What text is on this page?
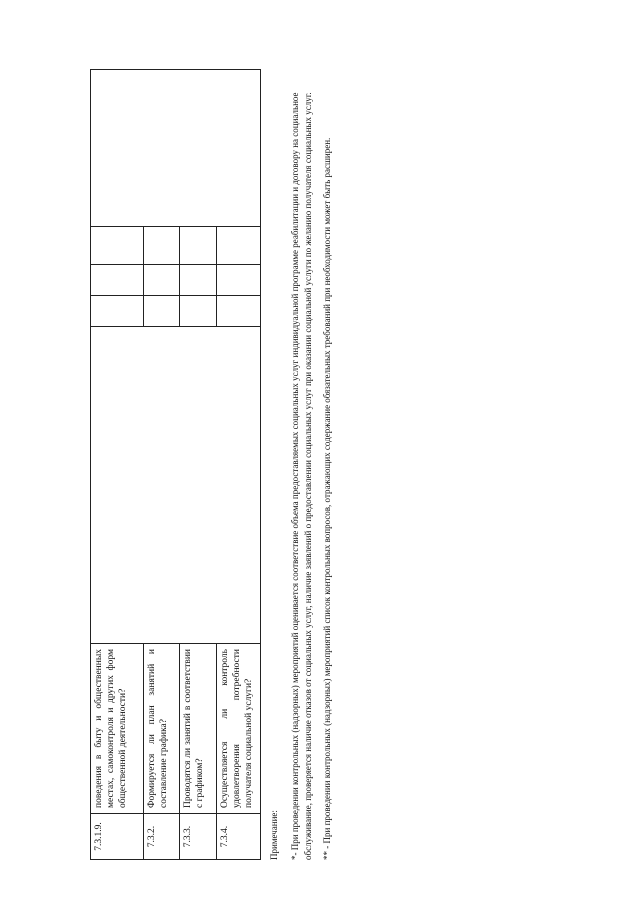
7.3.1.9.	поведения в быту и общественных местах, самоконтроля и других форм общественной деятельности?					
7.3.2.	Формируется ли план занятий и составление графика?					
7.3.3.	Проводятся ли занятий в соответствии с графиком?					
7.3.4.	Осуществляется ли контроль удовлетворения потребности получателя социальной услуги?					

Примечание: *- При проведении контрольных (надзорных) мероприятий оценивается соответствие объема предоставляемых социальных услуг индивидуальной программе реабилитации и договору на социальное обслуживание, проверяется наличие отказов от социальных услуг, наличие заявлений о предоставлении социальных услуг при оказании социальной услуги по желанию получателя социальных услуг. ** - При проведении контрольных (надзорных) мероприятий список контрольных вопросов, отражающих содержание обязательных требований при необходимости может быть расширен.
